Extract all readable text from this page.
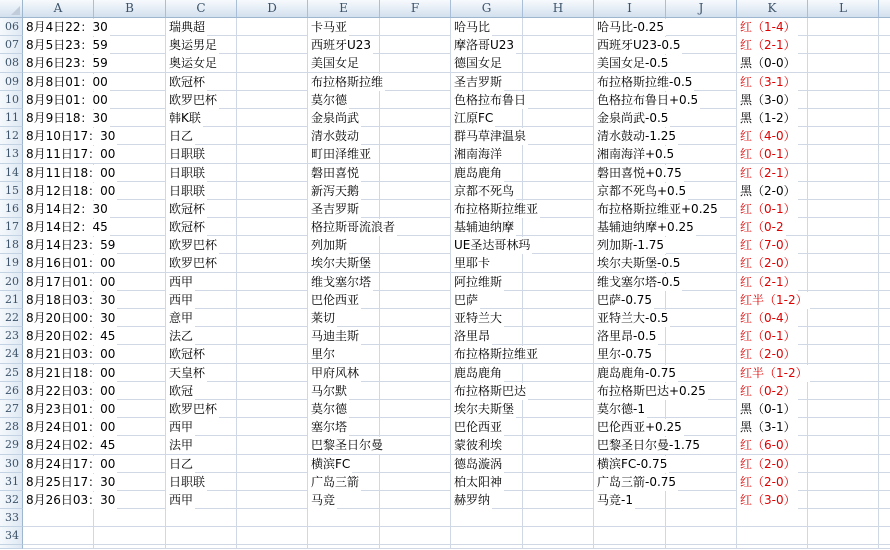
A	B	C	D	E	F	G	H	I	J	K	L
06 8月4日22：30	瑞典超	卡马亚	哈马比	哈马比-0.25	红（1-4）
07 8月5日23：59	奥运男足	西班牙U23	摩洛哥U23	西班牙U23-0.5	红（2-1）
08 8月6日23：59	奥运女足	美国女足	德国女足	美国女足-0.5	黑（0-0）
09 8月8日01：00	欧冠杯	布拉格斯拉维	圣吉罗斯	布拉格斯拉维-0.5	红（3-1）
10 8月9日01：00	欧罗巴杯	莫尔德	色格拉布鲁日	色格拉布鲁日+0.5	黑（3-0）
11 8月9日18：30	韩K联	金泉尚武	江原FC	金泉尚武-0.5	黑（1-2）
12 8月10日17：30	日乙	清水鼓动	群马草津温泉	清水鼓动-1.25	红（4-0）
13 8月11日17：00	日职联	町田泽维亚	湘南海洋	湘南海洋+0.5	红（0-1）
14 8月11日18：00	日职联	磐田喜悦	鹿岛鹿角	磐田喜悦+0.75	红（2-1）
15 8月12日18：00	日职联	新泻天鹅	京都不死鸟	京都不死鸟+0.5	黑（2-0）
16 8月14日2：30	欧冠杯	圣吉罗斯	布拉格斯拉维亚	布拉格斯拉维亚+0.25 红（0-1）
17 8月14日2：45	欧冠杯	格拉斯哥流浪者	基辅迪纳摩	基辅迪纳摩+0.25	红（0-2
18 8月14日23：59	欧罗巴杯	列加斯	UE圣达哥林玛	列加斯-1.75	红（7-0）
19 8月16日01：00	欧罗巴杯	埃尔夫斯堡	里耶卡	埃尔夫斯堡-0.5	红（2-0）
20 8月17日01：00	西甲	维戈塞尔塔	阿拉维斯	维戈塞尔塔-0.5	红（2-1）
21 8月18日03：30	西甲	巴伦西亚	巴萨	巴萨-0.75	红半（1-2）
22 8月20日00：30	意甲	莱切	亚特兰大	亚特兰大-0.5	红（0-4）
23 8月20日02：45	法乙	马迪圭斯	洛里昂	洛里昂-0.5	红（0-1）
24 8月21日03：00	欧冠杯	里尔	布拉格斯拉维亚	里尔-0.75	红（2-0）
25 8月21日18：00	天皇杯	甲府风林	鹿岛鹿角	鹿岛鹿角-0.75	红半（1-2）
26 8月22日03：00	欧冠	马尔默	布拉格斯巴达	布拉格斯巴达+0.25	红（0-2）
27 8月23日01：00	欧罗巴杯	莫尔德	埃尔夫斯堡	莫尔德-1	黑（0-1）
28 8月24日01：00	西甲	塞尔塔	巴伦西亚	巴伦西亚+0.25	黑（3-1）
29 8月24日02：45	法甲	巴黎圣日尔曼	蒙彼利埃	巴黎圣日尔曼-1.75	红（6-0）
30 8月24日17：00	日乙	横滨FC	德岛漩涡	横滨FC-0.75	红（2-0）
31 8月25日17：30	日职联	广岛三箭	柏太阳神	广岛三箭-0.75	红（2-0）
32 8月26日03：30	西甲	马竞	赫罗纳	马竞-1	红（3-0）
33
34
